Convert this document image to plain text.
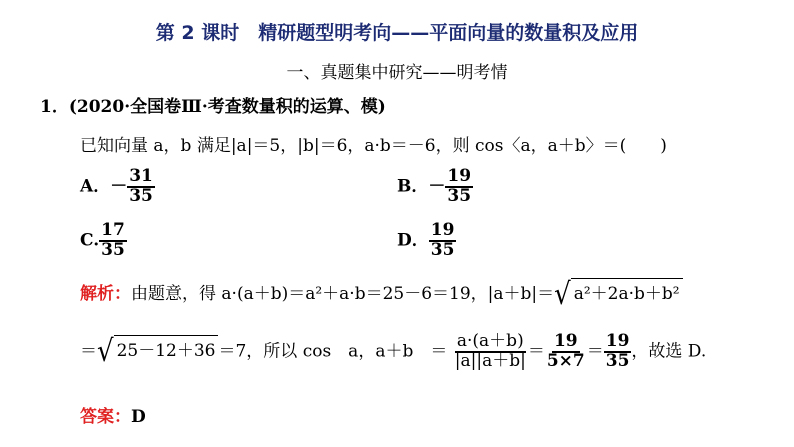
第 2 课时　精研题型明考向——平面向量的数量积及应用
一、真题集中研究——明考情
1．(2020·全国卷Ⅲ·考查数量积的运算、模)
已知向量 a，b 满足|a|＝5，|b|＝6，a·b＝－6，则 cos〈a，a＋b〉＝(　　)
A．－ $\frac{31}{35}$	B．－ $\frac{19}{35}$
C. $\frac{17}{35}$	D． $\frac{19}{35}$
解析：由题意，得 a·(a＋b)＝a²＋a·b＝25－6＝19，|a＋b|＝√ a²＋2a·b＋b²
＝√ 25－12＋36 ＝7，所以 cos　a，a＋b　＝ $\frac{a\cdot(a+b)}{|a||a+b|} = \frac{19}{5\times 7} = \frac{19}{35}$ ，故选 D.
答案：D
